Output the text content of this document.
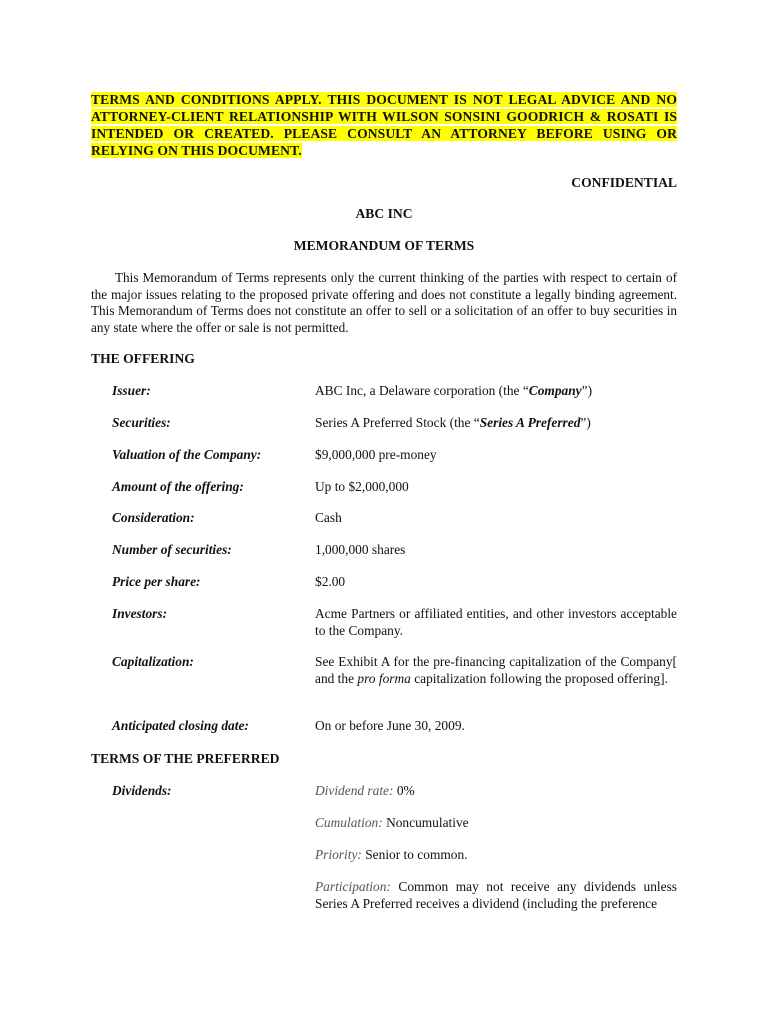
TERMS AND CONDITIONS APPLY. THIS DOCUMENT IS NOT LEGAL ADVICE AND NO ATTORNEY-CLIENT RELATIONSHIP WITH WILSON SONSINI GOODRICH & ROSATI IS INTENDED OR CREATED. PLEASE CONSULT AN ATTORNEY BEFORE USING OR RELYING ON THIS DOCUMENT.
CONFIDENTIAL
ABC INC
MEMORANDUM OF TERMS

This Memorandum of Terms represents only the current thinking of the parties with respect to certain of the major issues relating to the proposed private offering and does not constitute a legally binding agreement. This Memorandum of Terms does not constitute an offer to sell or a solicitation of an offer to buy securities in any state where the offer or sale is not permitted.

THE OFFERING
Issuer:	ABC Inc, a Delaware corporation (the “Company”)
Securities:	Series A Preferred Stock (the “Series A Preferred”)
Valuation of the Company:	$9,000,000 pre-money
Amount of the offering:	Up to $2,000,000
Consideration:	Cash
Number of securities:	1,000,000 shares
Price per share:	$2.00
Investors:	Acme Partners or affiliated entities, and other investors acceptable to the Company.
Capitalization:	See Exhibit A for the pre-financing capitalization of the Company[ and the pro forma capitalization following the proposed offering].
Anticipated closing date:	On or before June 30, 2009.
TERMS OF THE PREFERRED
Dividends:	Dividend rate: 0%
Cumulation: Noncumulative
Priority: Senior to common.
Participation: Common may not receive any dividends unless Series A Preferred receives a dividend (including the preference
